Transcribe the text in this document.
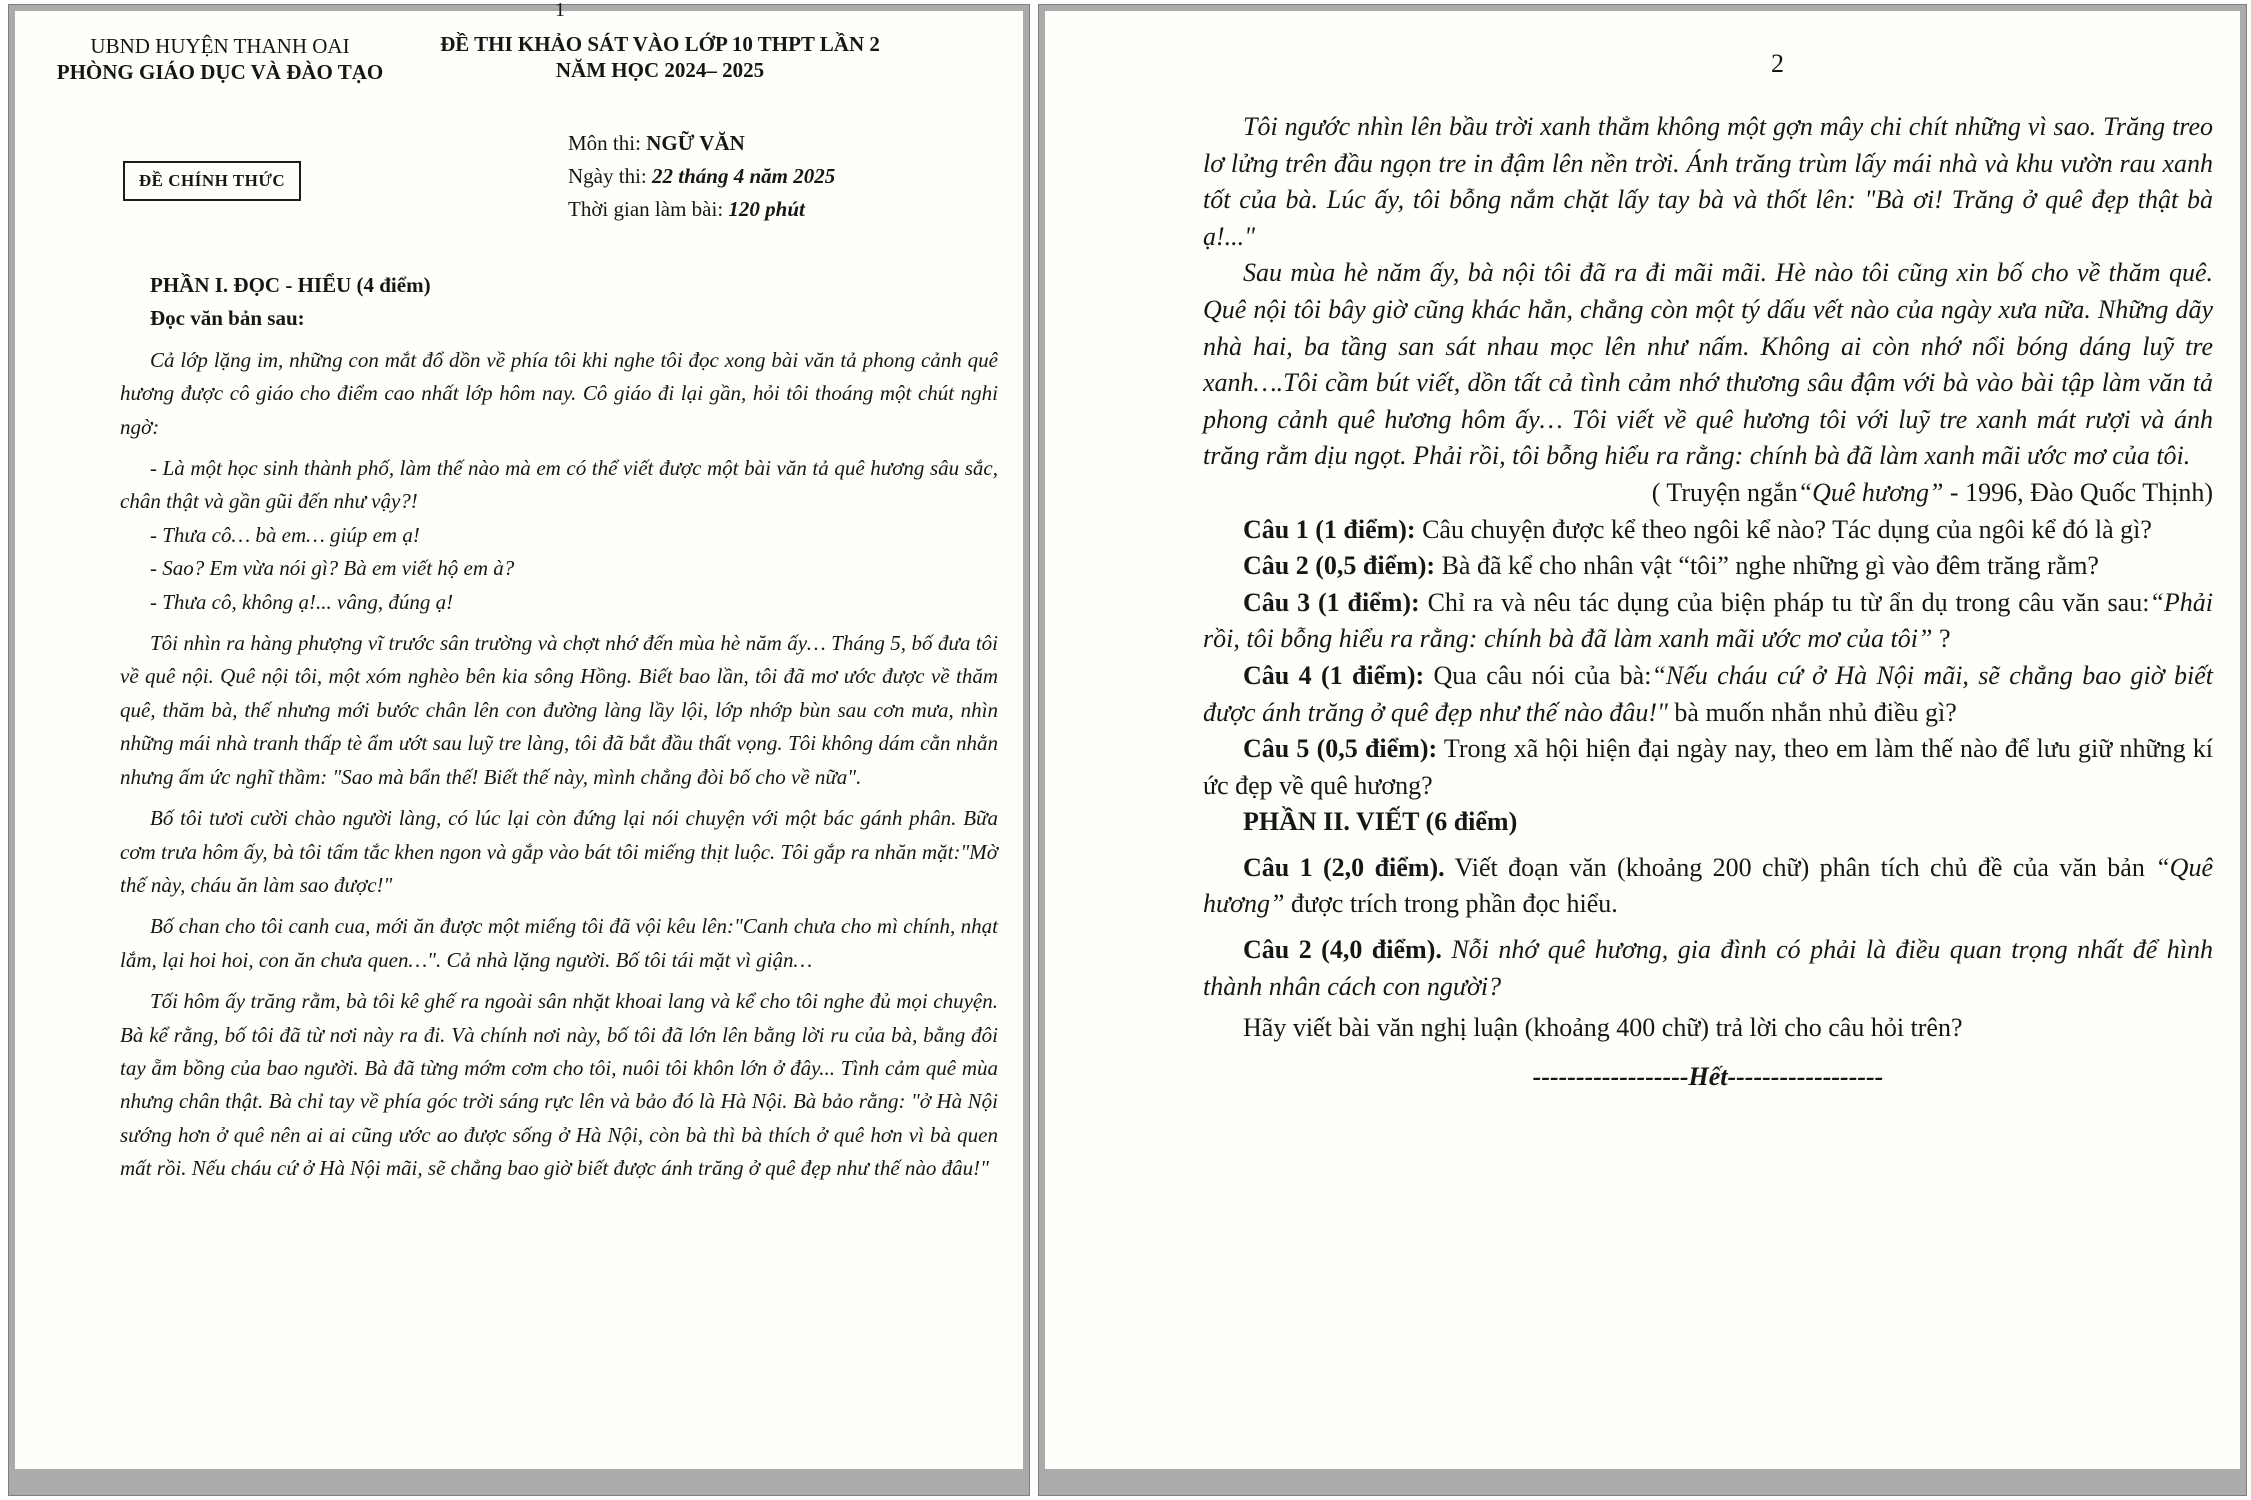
1
UBND HUYỆN THANH OAI
PHÒNG GIÁO DỤC VÀ ĐÀO TẠO
ĐỀ THI KHẢO SÁT VÀO LỚP 10 THPT LẦN 2
NĂM HỌC 2024– 2025
ĐỀ CHÍNH THỨC
Môn thi: NGỮ VĂN
Ngày thi: 22 tháng 4 năm 2025
Thời gian làm bài: 120 phút
PHẦN I. ĐỌC - HIỂU (4 điểm)
Đọc văn bản sau:

Cả lớp lặng im, những con mắt đổ dồn về phía tôi khi nghe tôi đọc xong bài văn tả phong cảnh quê hương được cô giáo cho điểm cao nhất lớp hôm nay. Cô giáo đi lại gần, hỏi tôi thoáng một chút nghi ngờ:

- Là một học sinh thành phố, làm thế nào mà em có thể viết được một bài văn tả quê hương sâu sắc, chân thật và gần gũi đến như vậy?!

- Thưa cô… bà em… giúp em ạ!

- Sao? Em vừa nói gì? Bà em viết hộ em à?

- Thưa cô, không ạ!... vâng, đúng ạ!

Tôi nhìn ra hàng phượng vĩ trước sân trường và chợt nhớ đến mùa hè năm ấy… Tháng 5, bố đưa tôi về quê nội. Quê nội tôi, một xóm nghèo bên kia sông Hồng. Biết bao lần, tôi đã mơ ước được về thăm quê, thăm bà, thế nhưng mới bước chân lên con đường làng lầy lội, lớp nhớp bùn sau cơn mưa, nhìn những mái nhà tranh thấp tè ẩm ướt sau luỹ tre làng, tôi đã bắt đầu thất vọng. Tôi không dám cằn nhằn nhưng ấm ức nghĩ thầm: "Sao mà bẩn thế! Biết thế này, mình chẳng đòi bố cho về nữa".

Bố tôi tươi cười chào người làng, có lúc lại còn đứng lại nói chuyện với một bác gánh phân. Bữa cơm trưa hôm ấy, bà tôi tấm tắc khen ngon và gắp vào bát tôi miếng thịt luộc. Tôi gắp ra nhăn mặt:"Mờ thế này, cháu ăn làm sao được!"

Bố chan cho tôi canh cua, mới ăn được một miếng tôi đã vội kêu lên:"Canh chưa cho mì chính, nhạt lắm, lại hoi hoi, con ăn chưa quen…". Cả nhà lặng người. Bố tôi tái mặt vì giận…

Tối hôm ấy trăng rằm, bà tôi kê ghế ra ngoài sân nhặt khoai lang và kể cho tôi nghe đủ mọi chuyện. Bà kể rằng, bố tôi đã từ nơi này ra đi. Và chính nơi này, bố tôi đã lớn lên bằng lời ru của bà, bằng đôi tay ẵm bồng của bao người. Bà đã từng mớm cơm cho tôi, nuôi tôi khôn lớn ở đây... Tình cảm quê mùa nhưng chân thật. Bà chỉ tay về phía góc trời sáng rực lên và bảo đó là Hà Nội. Bà bảo rằng: "ở Hà Nội sướng hơn ở quê nên ai ai cũng ước ao được sống ở Hà Nội, còn bà thì bà thích ở quê hơn vì bà quen mất rồi. Nếu cháu cứ ở Hà Nội mãi, sẽ chẳng bao giờ biết được ánh trăng ở quê đẹp như thế nào đâu!"

2

Tôi ngước nhìn lên bầu trời xanh thẳm không một gợn mây chi chít những vì sao. Trăng treo lơ lửng trên đầu ngọn tre in đậm lên nền trời. Ánh trăng trùm lấy mái nhà và khu vườn rau xanh tốt của bà. Lúc ấy, tôi bỗng nắm chặt lấy tay bà và thốt lên: "Bà ơi! Trăng ở quê đẹp thật bà ạ!..."

Sau mùa hè năm ấy, bà nội tôi đã ra đi mãi mãi. Hè nào tôi cũng xin bố cho về thăm quê. Quê nội tôi bây giờ cũng khác hẳn, chẳng còn một tý dấu vết nào của ngày xưa nữa. Những dãy nhà hai, ba tầng san sát nhau mọc lên như nấm. Không ai còn nhớ nổi bóng dáng luỹ tre xanh….Tôi cầm bút viết, dồn tất cả tình cảm nhớ thương sâu đậm với bà vào bài tập làm văn tả phong cảnh quê hương hôm ấy… Tôi viết về quê hương tôi với luỹ tre xanh mát rượi và ánh trăng rằm dịu ngọt. Phải rồi, tôi bỗng hiểu ra rằng: chính bà đã làm xanh mãi ước mơ của tôi.

( Truyện ngắn“Quê hương” - 1996, Đào Quốc Thịnh)

Câu 1 (1 điểm): Câu chuyện được kể theo ngôi kể nào? Tác dụng của ngôi kể đó là gì?

Câu 2 (0,5 điểm): Bà đã kể cho nhân vật “tôi” nghe những gì vào đêm trăng rằm?

Câu 3 (1 điểm): Chỉ ra và nêu tác dụng của biện pháp tu từ ẩn dụ trong câu văn sau:“Phải rồi, tôi bỗng hiểu ra rằng: chính bà đã làm xanh mãi ước mơ của tôi” ?

Câu 4 (1 điểm): Qua câu nói của bà:“Nếu cháu cứ ở Hà Nội mãi, sẽ chẳng bao giờ biết được ánh trăng ở quê đẹp như thế nào đâu!" bà muốn nhắn nhủ điều gì?

Câu 5 (0,5 điểm): Trong xã hội hiện đại ngày nay, theo em làm thế nào để lưu giữ những kí ức đẹp về quê hương?

PHẦN II. VIẾT (6 điểm)

Câu 1 (2,0 điểm). Viết đoạn văn (khoảng 200 chữ) phân tích chủ đề của văn bản “Quê hương” được trích trong phần đọc hiểu.

Câu 2 (4,0 điểm). Nỗi nhớ quê hương, gia đình có phải là điều quan trọng nhất để hình thành nhân cách con người?

Hãy viết bài văn nghị luận (khoảng 400 chữ) trả lời cho câu hỏi trên?

------------------Hết------------------
